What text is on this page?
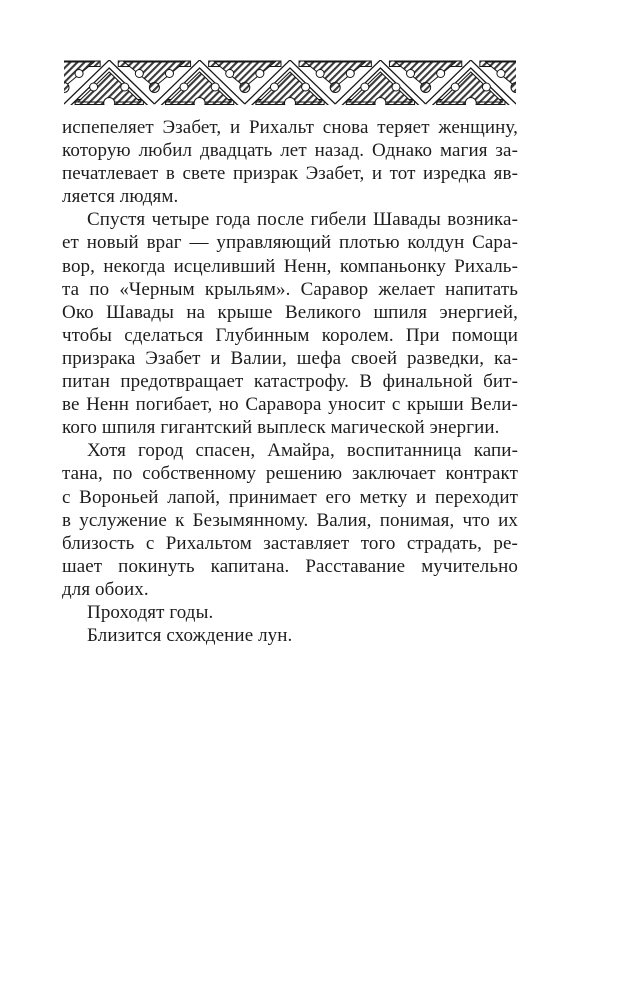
испепеляет Эзабет, и Рихальт снова теряет женщину,
которую любил двадцать лет назад. Однако магия за-
печатлевает в свете призрак Эзабет, и тот изредка яв-
ляется людям.
Спустя четыре года после гибели Шавады возника-
ет новый враг — управляющий плотью колдун Сара-
вор, некогда исцеливший Ненн, компаньонку Рихаль-
та по «Черным крыльям». Саравор желает напитать
Око Шавады на крыше Великого шпиля энергией,
чтобы сделаться Глубинным королем. При помощи
призрака Эзабет и Валии, шефа своей разведки, ка-
питан предотвращает катастрофу. В финальной бит-
ве Ненн погибает, но Саравора уносит с крыши Вели-
кого шпиля гигантский выплеск магической энергии.
Хотя город спасен, Амайра, воспитанница капи-
тана, по собственному решению заключает контракт
с Вороньей лапой, принимает его метку и переходит
в услужение к Безымянному. Валия, понимая, что их
близость с Рихальтом заставляет того страдать, ре-
шает покинуть капитана. Расставание мучительно
для обоих.
Проходят годы.
Близится схождение лун.
